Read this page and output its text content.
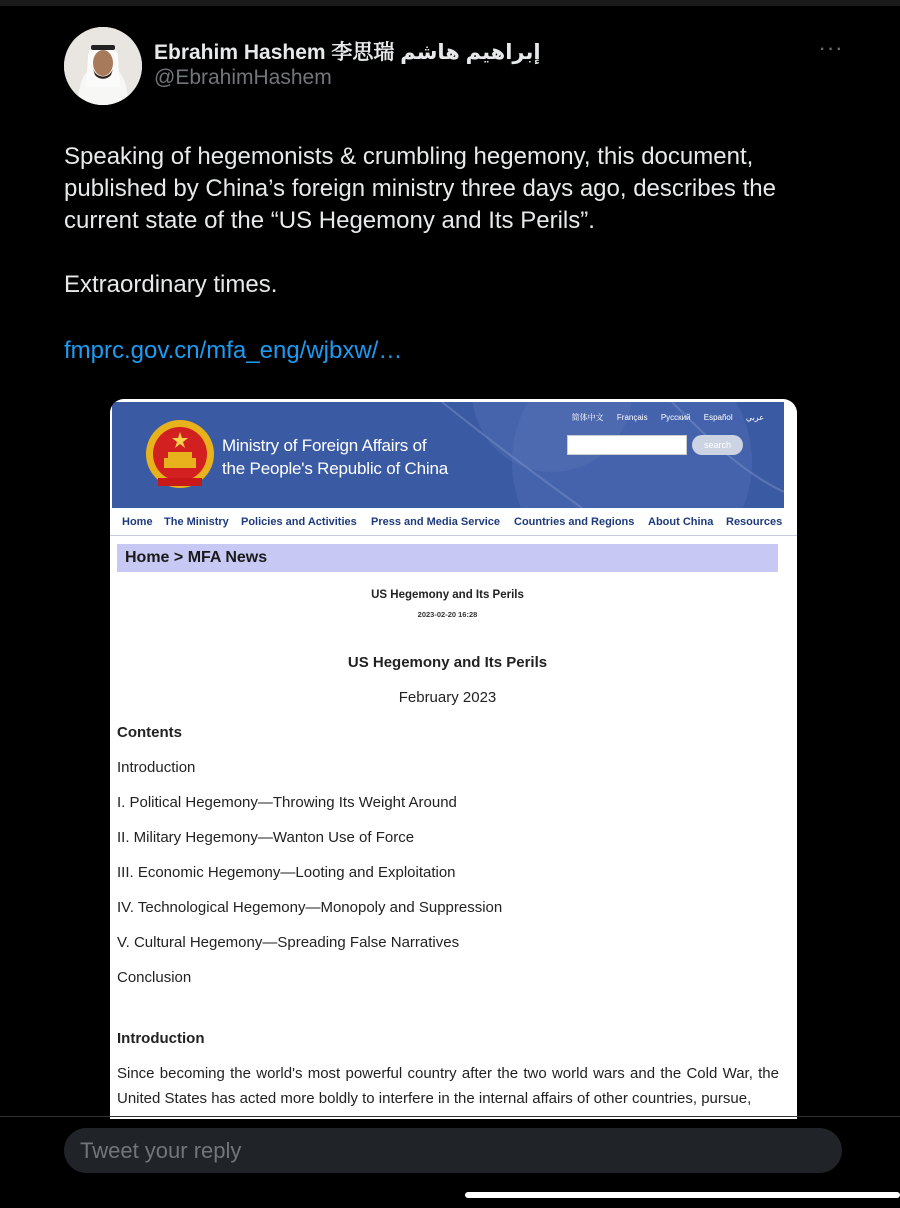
Ebrahim Hashem 李思瑞 إبراهيم هاشم
@EbrahimHashem
···

Speaking of hegemonists & crumbling hegemony, this document, published by China’s foreign ministry three days ago, describes the current state of the “US Hegemony and Its Perils”.

Extraordinary times.
fmprc.gov.cn/mfa_eng/wjbxw/…
Ministry of Foreign Affairs of
the People's Republic of China
简体中文 Français Русский Español عربي
search
Home The Ministry Policies and Activities Press and Media Service Countries and Regions About China Resources
Home > MFA News
US Hegemony and Its Perils
2023-02-20 16:28
US Hegemony and Its Perils
February 2023
Contents
Introduction
I. Political Hegemony—Throwing Its Weight Around
II. Military Hegemony—Wanton Use of Force
III. Economic Hegemony—Looting and Exploitation
IV. Technological Hegemony—Monopoly and Suppression
V. Cultural Hegemony—Spreading False Narratives
Conclusion
Introduction
Since becoming the world's most powerful country after the two world wars and the Cold War, the United States has acted more boldly to interfere in the internal affairs of other countries, pursue,
Tweet your reply
